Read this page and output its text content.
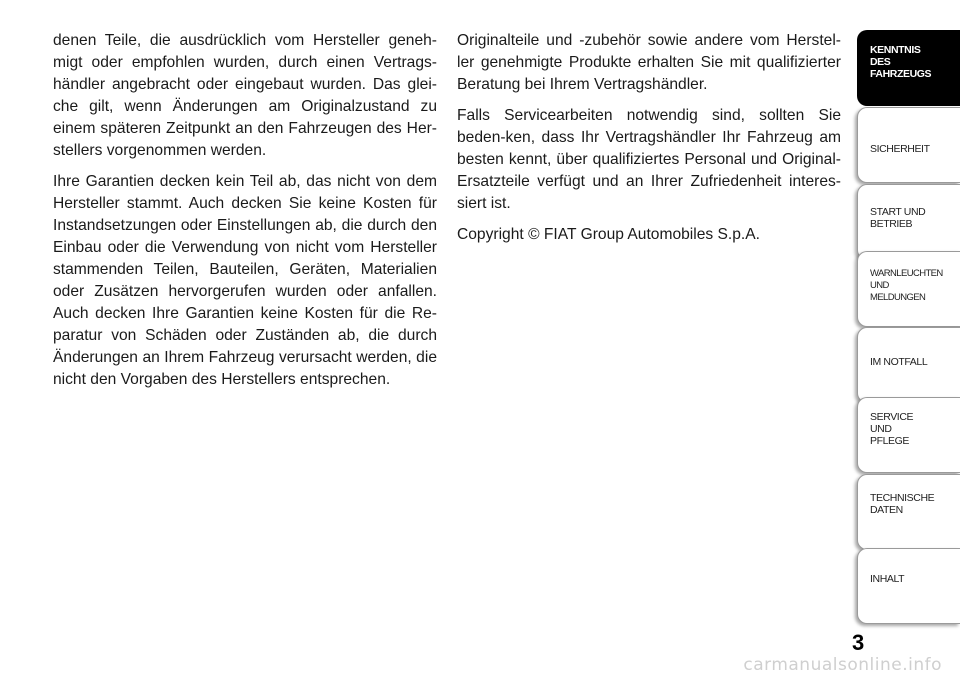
denen Teile, die ausdrücklich vom Hersteller geneh-migt oder empfohlen wurden, durch einen Vertrags-händler angebracht oder eingebaut wurden. Das glei-che gilt, wenn Änderungen am Originalzustand zu einem späteren Zeitpunkt an den Fahrzeugen des Her-stellers vorgenommen werden.

Ihre Garantien decken kein Teil ab, das nicht von dem Hersteller stammt. Auch decken Sie keine Kosten für Instandsetzungen oder Einstellungen ab, die durch den Einbau oder die Verwendung von nicht vom Hersteller stammenden Teilen, Bauteilen, Geräten, Materialien oder Zusätzen hervorgerufen wurden oder anfallen. Auch decken Ihre Garantien keine Kosten für die Re-paratur von Schäden oder Zuständen ab, die durch Änderungen an Ihrem Fahrzeug verursacht werden, die nicht den Vorgaben des Herstellers entsprechen.

Originalteile und -zubehör sowie andere vom Herstel-ler genehmigte Produkte erhalten Sie mit qualifizierter Beratung bei Ihrem Vertragshändler.

Falls Servicearbeiten notwendig sind, sollten Sie beden-ken, dass Ihr Vertragshändler Ihr Fahrzeug am besten kennt, über qualifiziertes Personal und Original-Ersatzteile verfügt und an Ihrer Zufriedenheit interes-siert ist.

Copyright © FIAT Group Automobiles S.p.A.

KENNTNIS
DES
FAHRZEUGS
SICHERHEIT
START UND
BETRIEB
WARNLEUCHTEN
UND
MELDUNGEN
IM NOTFALL
SERVICE
UND
PFLEGE
TECHNISCHE
DATEN
INHALT
3
carmanualsonline.info
